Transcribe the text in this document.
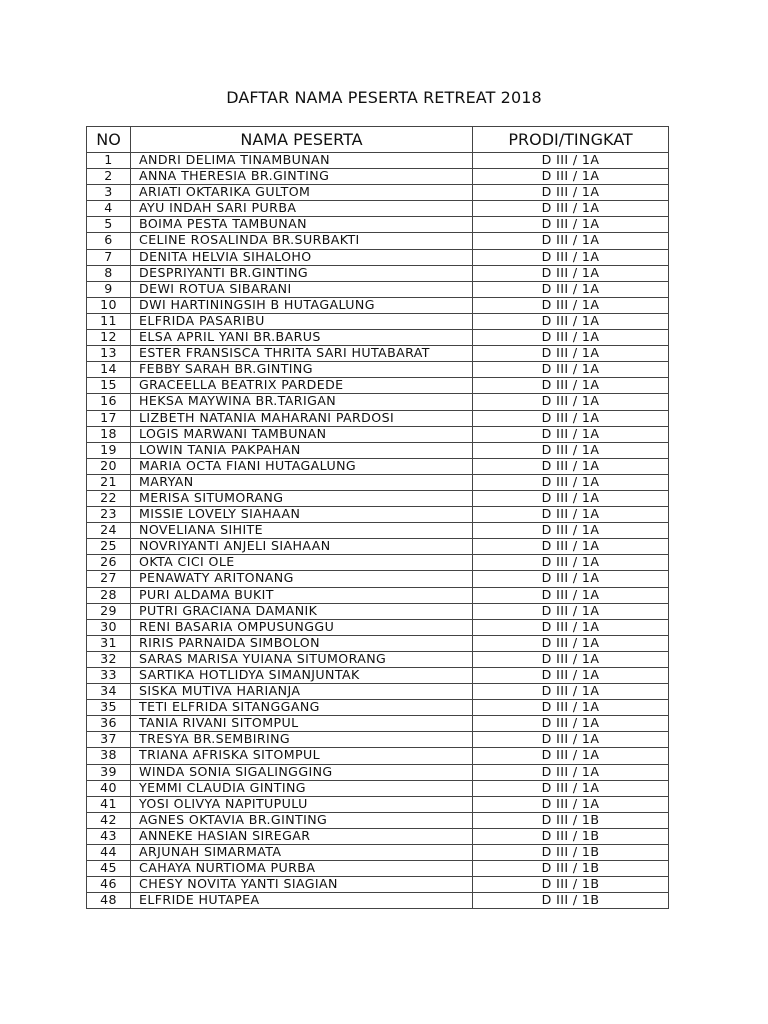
DAFTAR NAMA PESERTA RETREAT 2018
NO	NAMA PESERTA	PRODI/TINGKAT
1	ANDRI DELIMA TINAMBUNAN	D III / 1A
2	ANNA THERESIA BR.GINTING	D III / 1A
3	ARIATI OKTARIKA GULTOM	D III / 1A
4	AYU INDAH SARI PURBA	D III / 1A
5	BOIMA PESTA TAMBUNAN	D III / 1A
6	CELINE ROSALINDA BR.SURBAKTI	D III / 1A
7	DENITA HELVIA SIHALOHO	D III / 1A
8	DESPRIYANTI BR.GINTING	D III / 1A
9	DEWI ROTUA SIBARANI	D III / 1A
10	DWI HARTININGSIH B HUTAGALUNG	D III / 1A
11	ELFRIDA PASARIBU	D III / 1A
12	ELSA APRIL YANI BR.BARUS	D III / 1A
13	ESTER FRANSISCA THRITA SARI HUTABARAT	D III / 1A
14	FEBBY SARAH BR.GINTING	D III / 1A
15	GRACEELLA BEATRIX PARDEDE	D III / 1A
16	HEKSA MAYWINA BR.TARIGAN	D III / 1A
17	LIZBETH NATANIA MAHARANI PARDOSI	D III / 1A
18	LOGIS MARWANI TAMBUNAN	D III / 1A
19	LOWIN TANIA PAKPAHAN	D III / 1A
20	MARIA OCTA FIANI HUTAGALUNG	D III / 1A
21	MARYAN	D III / 1A
22	MERISA SITUMORANG	D III / 1A
23	MISSIE LOVELY SIAHAAN	D III / 1A
24	NOVELIANA SIHITE	D III / 1A
25	NOVRIYANTI ANJELI SIAHAAN	D III / 1A
26	OKTA CICI OLE	D III / 1A
27	PENAWATY ARITONANG	D III / 1A
28	PURI ALDAMA BUKIT	D III / 1A
29	PUTRI GRACIANA DAMANIK	D III / 1A
30	RENI BASARIA OMPUSUNGGU	D III / 1A
31	RIRIS PARNAIDA SIMBOLON	D III / 1A
32	SARAS MARISA YUIANA SITUMORANG	D III / 1A
33	SARTIKA HOTLIDYA SIMANJUNTAK	D III / 1A
34	SISKA MUTIVA HARIANJA	D III / 1A
35	TETI ELFRIDA SITANGGANG	D III / 1A
36	TANIA RIVANI SITOMPUL	D III / 1A
37	TRESYA BR.SEMBIRING	D III / 1A
38	TRIANA AFRISKA SITOMPUL	D III / 1A
39	WINDA SONIA SIGALINGGING	D III / 1A
40	YEMMI CLAUDIA GINTING	D III / 1A
41	YOSI OLIVYA NAPITUPULU	D III / 1A
42	AGNES OKTAVIA BR.GINTING	D III / 1B
43	ANNEKE HASIAN SIREGAR	D III / 1B
44	ARJUNAH SIMARMATA	D III / 1B
45	CAHAYA NURTIOMA PURBA	D III / 1B
46	CHESY NOVITA YANTI SIAGIAN	D III / 1B
48	ELFRIDE HUTAPEA	D III / 1B
